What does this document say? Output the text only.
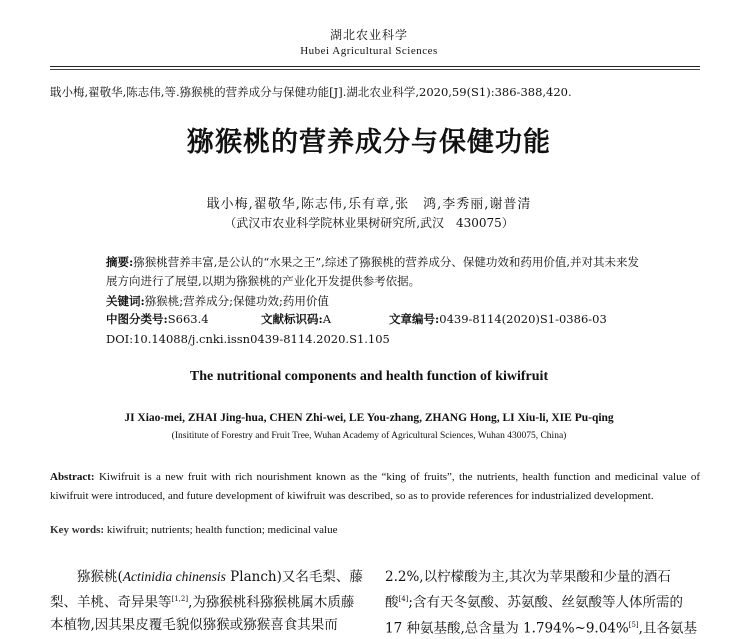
湖北农业科学
Hubei Agricultural Sciences
戢小梅,翟敬华,陈志伟,等.猕猴桃的营养成分与保健功能[J].湖北农业科学,2020,59(S1):386-388,420.
猕猴桃的营养成分与保健功能
戢小梅,翟敬华,陈志伟,乐有章,张　鸿,李秀丽,谢普清
（武汉市农业科学院林业果树研究所,武汉　430075）
摘要:猕猴桃营养丰富,是公认的“水果之王”,综述了猕猴桃的营养成分、保健功效和药用价值,并对其未来发展方向进行了展望,以期为猕猴桃的产业化开发提供参考依据。
关键词:猕猴桃;营养成分;保健功效;药用价值
中图分类号:S663.4	文献标识码:A	文章编号:0439-8114(2020)S1-0386-03
DOI:10.14088/j.cnki.issn0439-8114.2020.S1.105
The nutritional components and health function of kiwifruit
JI Xiao-mei, ZHAI Jing-hua, CHEN Zhi-wei, LE You-zhang, ZHANG Hong, LI Xiu-li, XIE Pu-qing
(Insititute of Forestry and Fruit Tree, Wuhan Academy of Agricultural Sciences, Wuhan 430075, China)
Abstract: Kiwifruit is a new fruit with rich nourishment known as the “king of fruits”, the nutrients, health function and medicinal value of kiwifruit were introduced, and future development of kiwifruit was described, so as to provide references for industrialized development.
Key words: kiwifruit; nutrients; health function; medicinal value
猕猴桃(Actinidia chinensis Planch)又名毛梨、藤
梨、羊桃、奇异果等[1,2],为猕猴桃科猕猴桃属木质藤
本植物,因其果皮覆毛貌似猕猴或猕猴喜食其果而
2.2%,以柠檬酸为主,其次为苹果酸和少量的酒石
酸[4];含有天冬氨酸、苏氨酸、丝氨酸等人体所需的
17 种氨基酸,总含量为 1.794%~9.04%[5],且各氨基
